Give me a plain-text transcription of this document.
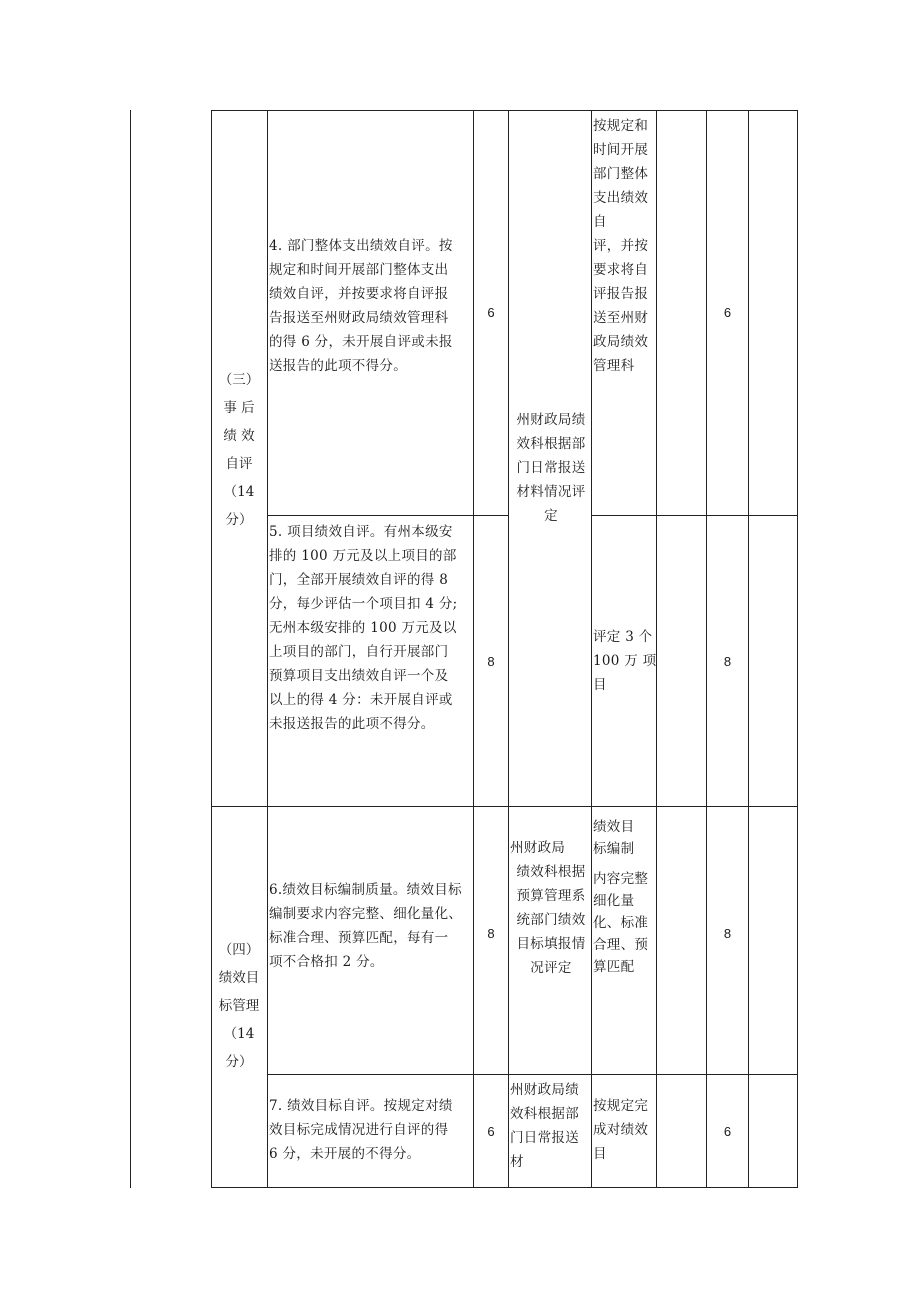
（三）
事 后
绩 效
自评
（14
分）
4. 部门整体支出绩效自评。按
规定和时间开展部门整体支出
绩效自评，并按要求将自评报
告报送至州财政局绩效管理科
的得 6 分，未开展自评或未报
送报告的此项不得分。
6
州财政局绩
效科根据部
门日常报送
材料情况评
定
按规定和
时间开展
部门整体
支出绩效
自
评，并按
要求将自
评报告报
送至州财
政局绩效
管理科
6
5. 项目绩效自评。有州本级安
排的 100 万元及以上项目的部
门，全部开展绩效自评的得 8
分，每少评估一个项目扣 4 分;
无州本级安排的 100 万元及以
上项目的部门，自行开展部门
预算项目支出绩效自评一个及
以上的得 4 分：未开展自评或
未报送报告的此项不得分。
8
评定 3 个
100 万 项
目
8
（四）
绩效目
标管理
（14
分）
6.绩效目标编制质量。绩效目标
编制要求内容完整、细化量化、
标准合理、预算匹配，每有一
项不合格扣 2 分。
8
州财政局
绩效科根据
预算管理系
统部门绩效
目标填报情
况评定
绩效目
标编制
内容完整
细化量
化、标准
合理、预
算匹配
8
7. 绩效目标自评。按规定对绩
效目标完成情况进行自评的得
6 分，未开展的不得分。
6
州财政局绩
效科根据部
门日常报送
材
按规定完
成对绩效
目
6
